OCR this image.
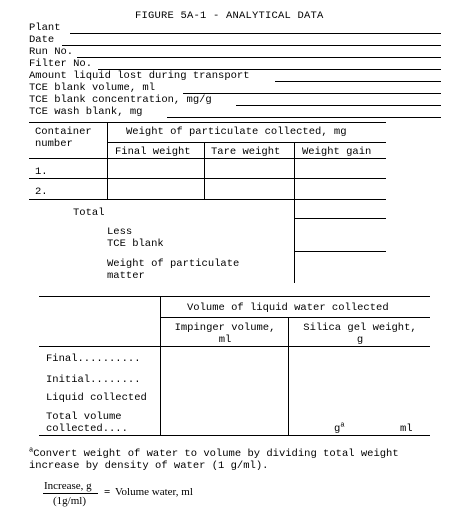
FIGURE 5A-1 - ANALYTICAL DATA
Plant
Date
Run No.
Filter No.
Amount liquid lost during transport
TCE blank volume, ml
TCE blank concentration, mg/g
TCE wash blank, mg
Container
number
Weight of particulate collected, mg
Final weight Tare weight Weight gain
1.
2.
Total
Less
TCE blank
Weight of particulate
matter
Volume of liquid water collected
Impinger volume,
ml
Silica gel weight,
g
Final..........
Initial........
Liquid collected
Total volume
collected....	$g^a$	ml
$^a$Convert weight of water to volume by dividing total weight
increase by density of water (1 g/ml).
Increase, g
(1g/ml)
= Volume water, ml
